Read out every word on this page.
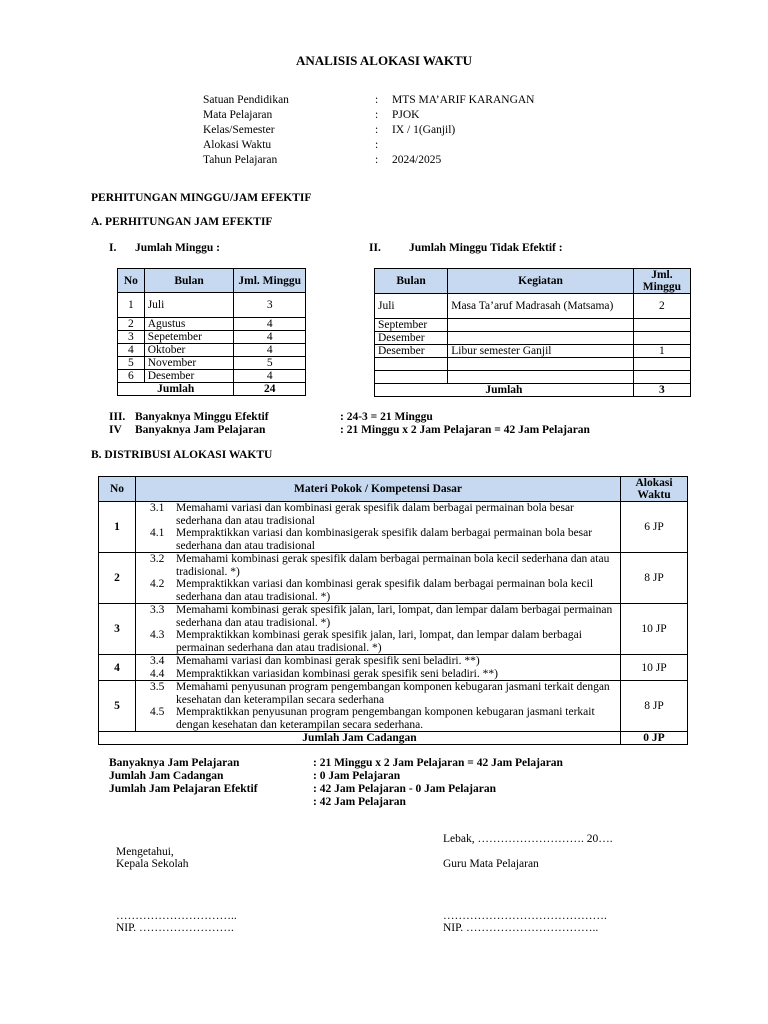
ANALISIS ALOKASI WAKTU
Satuan Pendidikan	:	MTS MA’ARIF KARANGAN
Mata Pelajaran	:	PJOK
Kelas/Semester	:	IX / 1(Ganjil)
Alokasi Waktu	:
Tahun Pelajaran	:	2024/2025
PERHITUNGAN MINGGU/JAM EFEKTIF
A. PERHITUNGAN JAM EFEKTIF
I. Jumlah Minggu :	II. Jumlah Minggu Tidak Efektif :
No	Bulan	Jml. Minggu
1	Juli	3
2	Agustus	4
3	Sepetember	4
4	Oktober	4
5	November	5
6	Desember	4
Jumlah		24
Bulan	Kegiatan	Jml. Minggu
Juli	Masa Ta’aruf Madrasah (Matsama)	2
September		
Desember		
Desember	Libur semester Ganjil	1

Jumlah		3
III. Banyaknya Minggu Efektif	: 24-3 = 21 Minggu
IV	Banyaknya Jam Pelajaran	: 21 Minggu x 2 Jam Pelajaran = 42 Jam Pelajaran
B. DISTRIBUSI ALOKASI WAKTU
No	Materi Pokok / Kompetensi Dasar	Alokasi Waktu
1	3.1 Memahami variasi dan kombinasi gerak spesifik dalam berbagai permainan bola besar sederhana dan atau tradisional
4.1 Mempraktikkan variasi dan kombinasigerak spesifik dalam berbagai permainan bola besar sederhana dan atau tradisional	6 JP
2	3.2 Memahami kombinasi gerak spesifik dalam berbagai permainan bola kecil sederhana dan atau tradisional. *)
4.2 Mempraktikkan variasi dan kombinasi gerak spesifik dalam berbagai permainan bola kecil sederhana dan atau tradisional. *)	8 JP
3	3.3 Memahami kombinasi gerak spesifik jalan, lari, lompat, dan lempar dalam berbagai permainan sederhana dan atau tradisional. *)
4.3 Mempraktikkan kombinasi gerak spesifik jalan, lari, lompat, dan lempar dalam berbagai permainan sederhana dan atau tradisional. *)	10 JP
4	3.4 Memahami variasi dan kombinasi gerak spesifik seni beladiri. **)
4.4 Mempraktikkan variasidan kombinasi gerak spesifik seni beladiri. **)	10 JP
5	3.5 Memahami penyusunan program pengembangan komponen kebugaran jasmani terkait dengan kesehatan dan keterampilan secara sederhana
4.5 Mempraktikkan penyusunan program pengembangan komponen kebugaran jasmani terkait dengan kesehatan dan keterampilan secara sederhana.	8 JP
Jumlah Jam Cadangan		0 JP
Banyaknya Jam Pelajaran	: 21 Minggu x 2 Jam Pelajaran = 42 Jam Pelajaran
Jumlah Jam Cadangan	: 0 Jam Pelajaran
Jumlah Jam Pelajaran Efektif	: 42 Jam Pelajaran - 0 Jam Pelajaran
: 42 Jam Pelajaran
Lebak, ………………………. 20….
Mengetahui,
Kepala Sekolah	Guru Mata Pelajaran
…………………………..
NIP. …………………….
…………………………………….
NIP. ……………………………..
